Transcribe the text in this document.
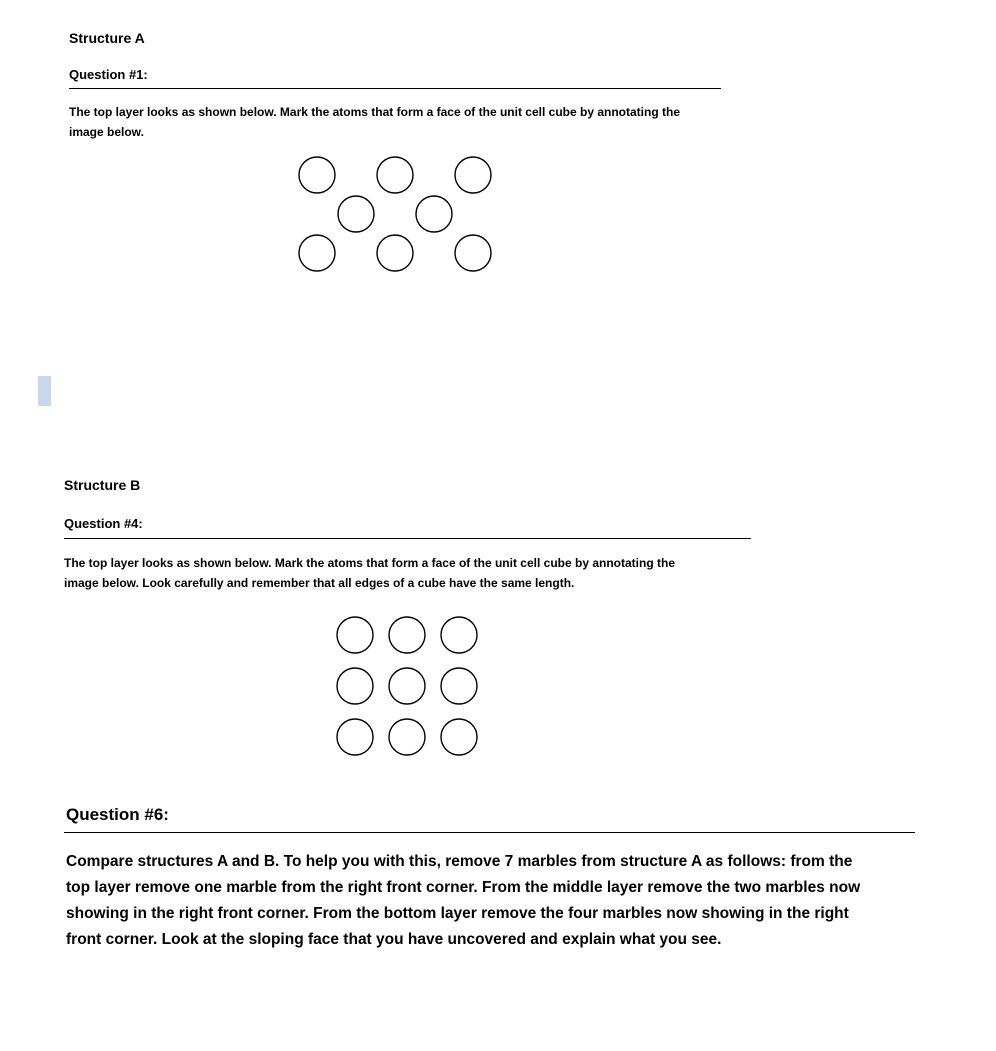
Structure A
Question #1:
The top layer looks as shown below. Mark the atoms that form a face of the unit cell cube by annotating the
image below.
Structure B
Question #4:
The top layer looks as shown below. Mark the atoms that form a face of the unit cell cube by annotating the
image below. Look carefully and remember that all edges of a cube have the same length.
Question #6:
Compare structures A and B. To help you with this, remove 7 marbles from structure A as follows: from the
top layer remove one marble from the right front corner. From the middle layer remove the two marbles now
showing in the right front corner. From the bottom layer remove the four marbles now showing in the right
front corner. Look at the sloping face that you have uncovered and explain what you see.
